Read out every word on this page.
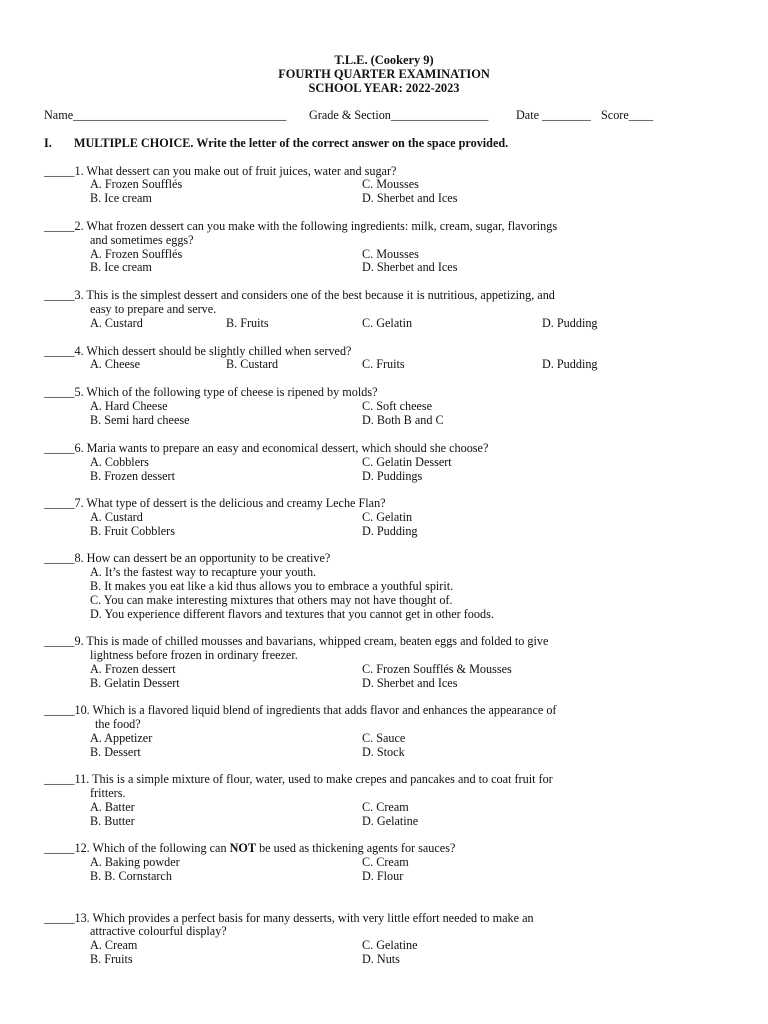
T.L.E. (Cookery 9)
FOURTH QUARTER EXAMINATION
SCHOOL YEAR: 2022-2023
Name___________________________________ Grade & Section________________ Date ________ Score____
I. MULTIPLE CHOICE. Write the letter of the correct answer on the space provided.
_____1. What dessert can you make out of fruit juices, water and sugar?
A. Frozen Soufflés	C. Mousses
B. Ice cream	D. Sherbet and Ices
_____2. What frozen dessert can you make with the following ingredients: milk, cream, sugar, flavorings
and sometimes eggs?
A. Frozen Soufflés	C. Mousses
B. Ice cream	D. Sherbet and Ices
_____3. This is the simplest dessert and considers one of the best because it is nutritious, appetizing, and
easy to prepare and serve.
A. Custard	B. Fruits	C. Gelatin	D. Pudding
_____4. Which dessert should be slightly chilled when served?
A. Cheese	B. Custard	C. Fruits	D. Pudding
_____5. Which of the following type of cheese is ripened by molds?
A. Hard Cheese	C. Soft cheese
B. Semi hard cheese	D. Both B and C
_____6. Maria wants to prepare an easy and economical dessert, which should she choose?
A. Cobblers	C. Gelatin Dessert
B. Frozen dessert	D. Puddings
_____7. What type of dessert is the delicious and creamy Leche Flan?
A. Custard	C. Gelatin
B. Fruit Cobblers	D. Pudding
_____8. How can dessert be an opportunity to be creative?
A. It’s the fastest way to recapture your youth.
B. It makes you eat like a kid thus allows you to embrace a youthful spirit.
C. You can make interesting mixtures that others may not have thought of.
D. You experience different flavors and textures that you cannot get in other foods.
_____9. This is made of chilled mousses and bavarians, whipped cream, beaten eggs and folded to give
lightness before frozen in ordinary freezer.
A. Frozen dessert	C. Frozen Soufflés & Mousses
B. Gelatin Dessert	D. Sherbet and Ices
_____10. Which is a flavored liquid blend of ingredients that adds flavor and enhances the appearance of
the food?
A. Appetizer	C. Sauce
B. Dessert	D. Stock
_____11. This is a simple mixture of flour, water, used to make crepes and pancakes and to coat fruit for
fritters.
A. Batter	C. Cream
B. Butter	D. Gelatine
_____12. Which of the following can NOT be used as thickening agents for sauces?
A. Baking powder	C. Cream
B. B. Cornstarch	D. Flour
_____13. Which provides a perfect basis for many desserts, with very little effort needed to make an
attractive colourful display?
A. Cream	C. Gelatine
B. Fruits	D. Nuts
